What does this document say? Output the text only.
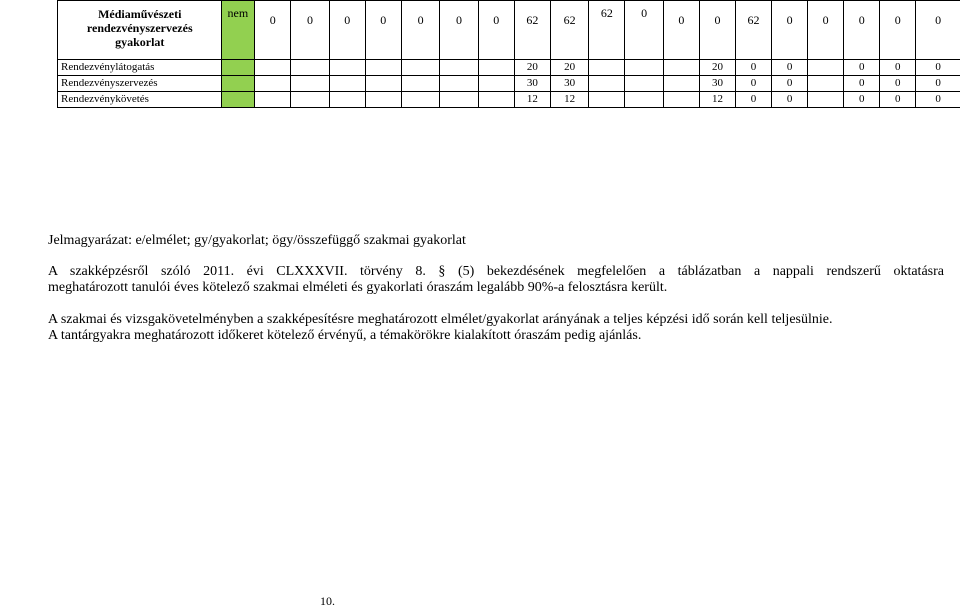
Médiaművészeti rendezvényszervezés gyakorlat	nem	0	0	0	0	0	0	0	62	62	62	0	0	0	62	0	0	0	0	0
Rendezvénylátogatás									20	20				20	0	0		0	0	0
Rendezvényszervezés									30	30				30	0	0		0	0	0
Rendezvénykövetés									12	12				12	0	0		0	0	0
Jelmagyarázat: e/elmélet; gy/gyakorlat; ögy/összefüggő szakmai gyakorlat
A szakképzésről szóló 2011. évi CLXXXVII. törvény 8. § (5) bekezdésének megfelelően a táblázatban a nappali rendszerű oktatásra
meghatározott tanulói éves kötelező szakmai elméleti és gyakorlati óraszám legalább 90%-a felosztásra került.
A szakmai és vizsgakövetelményben a szakképesítésre meghatározott elmélet/gyakorlat arányának a teljes képzési idő során kell teljesülnie.
A tantárgyakra meghatározott időkeret kötelező érvényű, a témakörökre kialakított óraszám pedig ajánlás.
10.
